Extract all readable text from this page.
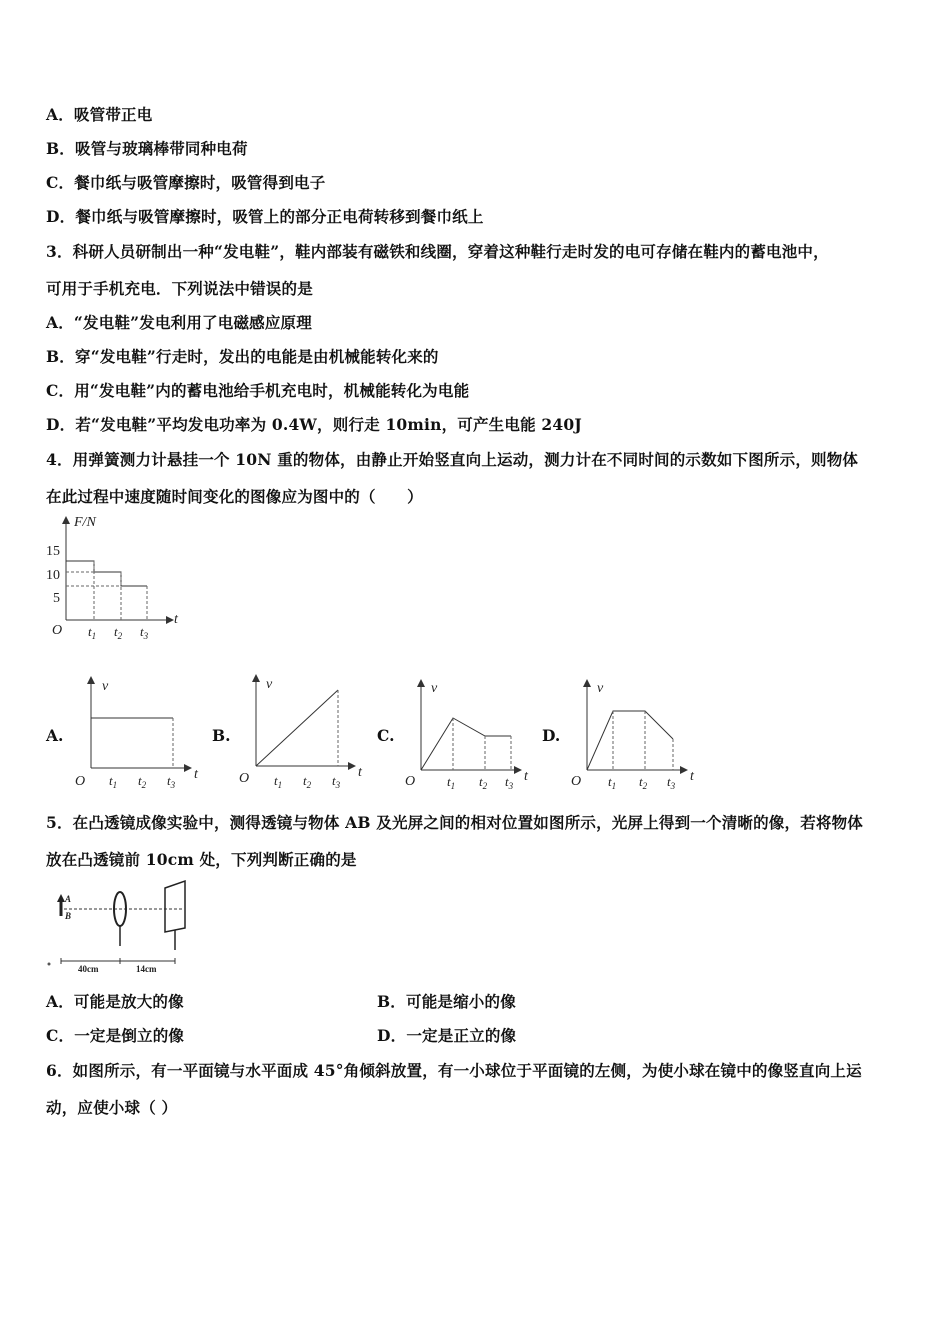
A．吸管带正电
B．吸管与玻璃棒带同种电荷
C．餐巾纸与吸管摩擦时，吸管得到电子
D．餐巾纸与吸管摩擦时，吸管上的部分正电荷转移到餐巾纸上
3．科研人员研制出一种“发电鞋”，鞋内部装有磁铁和线圈，穿着这种鞋行走时发的电可存储在鞋内的蓄电池中，
可用于手机充电．下列说法中错误的是
A．“发电鞋”发电利用了电磁感应原理
B．穿“发电鞋”行走时，发出的电能是由机械能转化来的
C．用“发电鞋”内的蓄电池给手机充电时，机械能转化为电能
D．若“发电鞋”平均发电功率为 0.4W，则行走 10min，可产生电能 240J
4．用弹簧测力计悬挂一个 10N 重的物体，由静止开始竖直向上运动，测力计在不同时间的示数如下图所示，则物体
在此过程中速度随时间变化的图像应为图中的（　　）
F/N
t
O
15
10
5
$t_1$ $t_2$ $t_3$
A.	B.	C.	D.
v
t
O $t_1$ $t_2$ $t_3$
v
t
O $t_1$ $t_2$ $t_3$
v
t
O $t_1$ $t_2$ $t_3$
v
t
O $t_1$ $t_2$ $t_3$
5．在凸透镜成像实验中，测得透镜与物体 AB 及光屏之间的相对位置如图所示，光屏上得到一个清晰的像，若将物体
放在凸透镜前 10cm 处，下列判断正确的是
A
B
40cm	14cm
A．可能是放大的像	B．可能是缩小的像
C．一定是倒立的像	D．一定是正立的像
6．如图所示，有一平面镜与水平面成 45°角倾斜放置，有一小球位于平面镜的左侧，为使小球在镜中的像竖直向上运
动，应使小球（ ）
